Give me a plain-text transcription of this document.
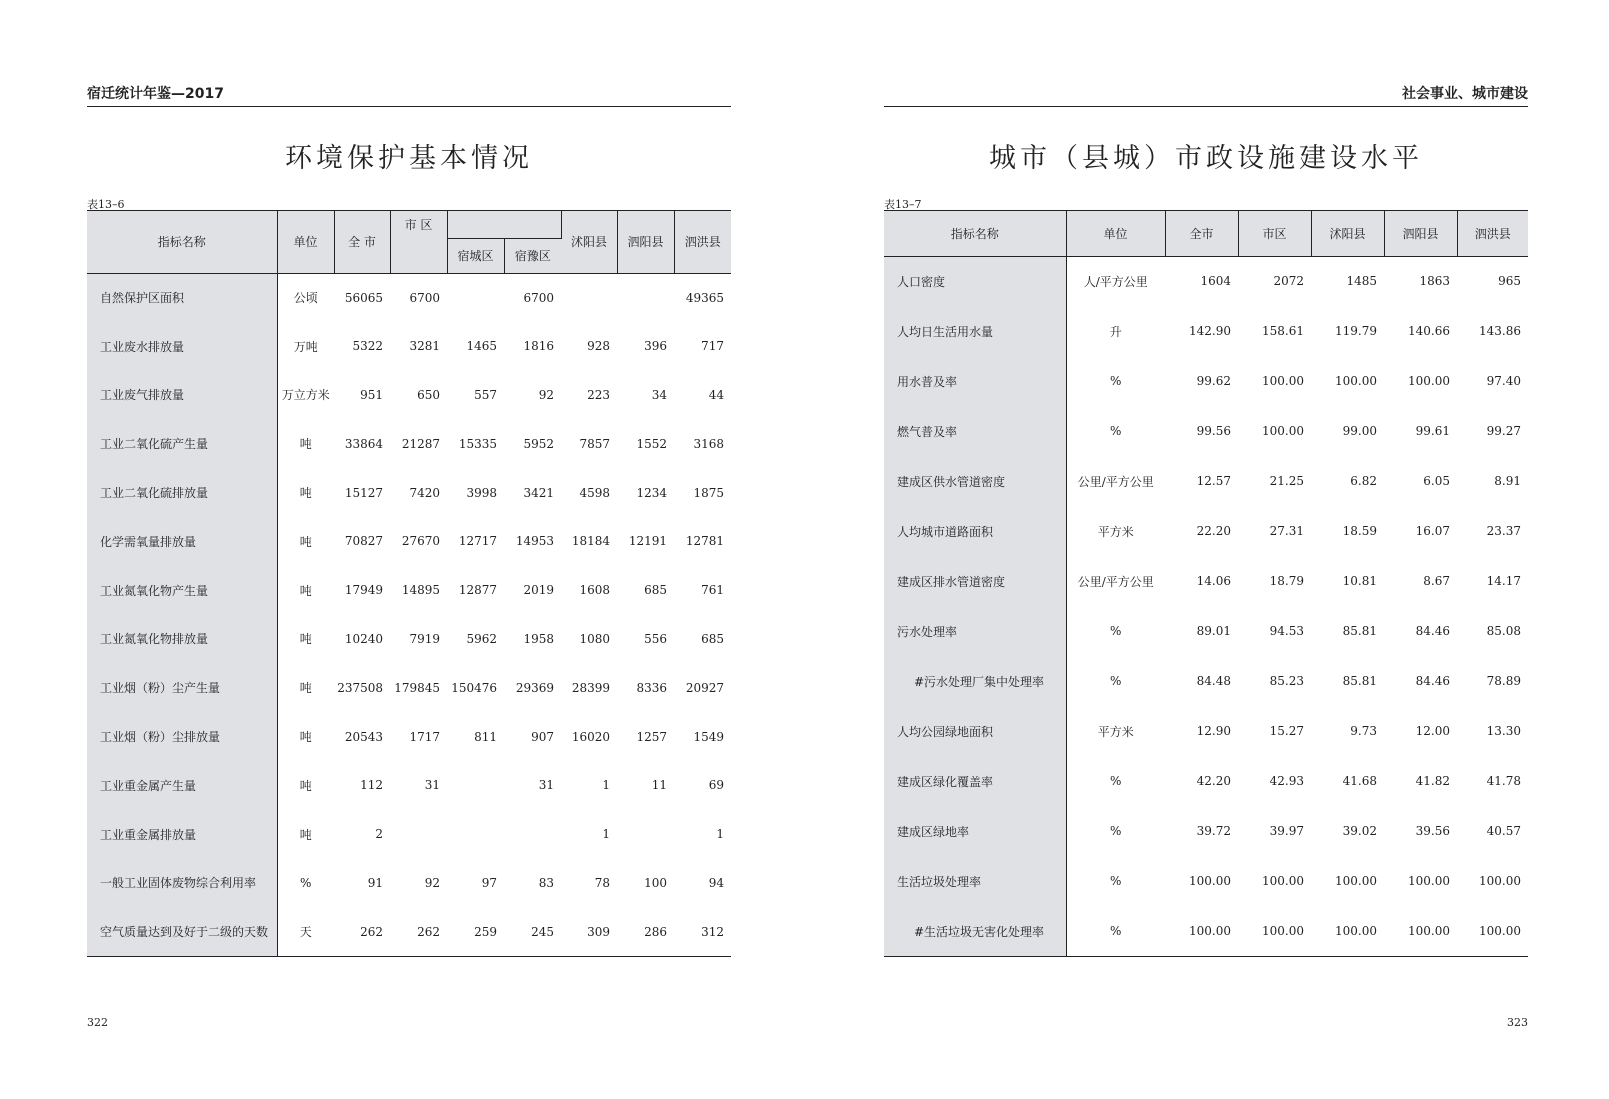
宿迁统计年鉴—2017
环境保护基本情况
表13–6
指标名称	单位	全 市	市 区			沭阳县	泗阳县	泗洪县
				宿城区	宿豫区			
自然保护区面积	公顷	56065	6700		6700			49365
工业废水排放量	万吨	5322	3281	1465	1816	928	396	717
工业废气排放量	万立方米	951	650	557	92	223	34	44
工业二氧化硫产生量	吨	33864	21287	15335	5952	7857	1552	3168
工业二氧化硫排放量	吨	15127	7420	3998	3421	4598	1234	1875
化学需氧量排放量	吨	70827	27670	12717	14953	18184	12191	12781
工业氮氧化物产生量	吨	17949	14895	12877	2019	1608	685	761
工业氮氧化物排放量	吨	10240	7919	5962	1958	1080	556	685
工业烟（粉）尘产生量	吨	237508	179845	150476	29369	28399	8336	20927
工业烟（粉）尘排放量	吨	20543	1717	811	907	16020	1257	1549
工业重金属产生量	吨	112	31		31	1	11	69
工业重金属排放量	吨	2				1		1
一般工业固体废物综合利用率	%	91	92	97	83	78	100	94
空气质量达到及好于二级的天数	天	262	262	259	245	309	286	312
322
社会事业、城市建设
城市（县城）市政设施建设水平
表13–7
指标名称	单位	全市	市区	沭阳县	泗阳县	泗洪县
人口密度	人/平方公里	1604	2072	1485	1863	965
人均日生活用水量	升	142.90	158.61	119.79	140.66	143.86
用水普及率	%	99.62	100.00	100.00	100.00	97.40
燃气普及率	%	99.56	100.00	99.00	99.61	99.27
建成区供水管道密度	公里/平方公里	12.57	21.25	6.82	6.05	8.91
人均城市道路面积	平方米	22.20	27.31	18.59	16.07	23.37
建成区排水管道密度	公里/平方公里	14.06	18.79	10.81	8.67	14.17
污水处理率	%	89.01	94.53	85.81	84.46	85.08
#污水处理厂集中处理率	%	84.48	85.23	85.81	84.46	78.89
人均公园绿地面积	平方米	12.90	15.27	9.73	12.00	13.30
建成区绿化覆盖率	%	42.20	42.93	41.68	41.82	41.78
建成区绿地率	%	39.72	39.97	39.02	39.56	40.57
生活垃圾处理率	%	100.00	100.00	100.00	100.00	100.00
#生活垃圾无害化处理率	%	100.00	100.00	100.00	100.00	100.00
323
